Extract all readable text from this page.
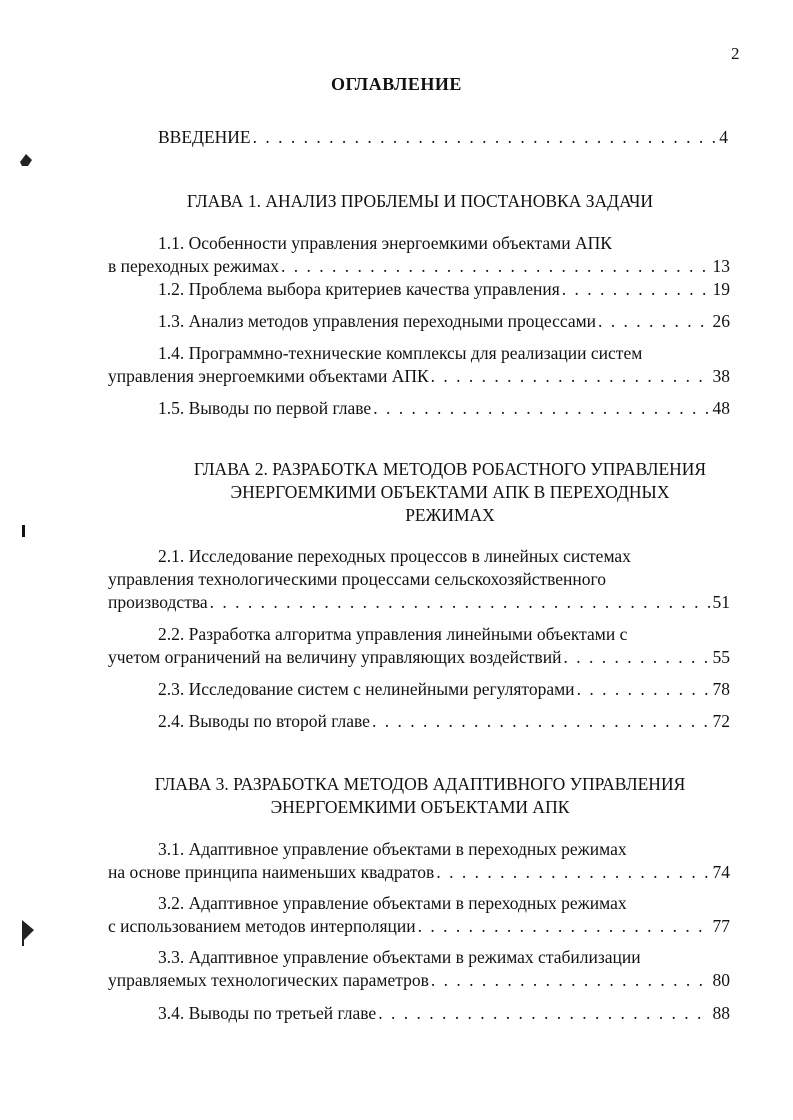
2
ОГЛАВЛЕНИЕ
ВВЕДЕНИЕ . . .	4
ГЛАВА 1. АНАЛИЗ ПРОБЛЕМЫ И ПОСТАНОВКА ЗАДАЧИ
1.1. Особенности управления энергоемкими объектами АПК
в переходных режимах . . .	13
1.2. Проблема выбора критериев качества управления . . .	19
1.3. Анализ методов управления переходными процессами . . .	26
1.4. Программно-технические комплексы для реализации систем
управления энергоемкими объектами АПК . . .	38
1.5. Выводы по первой главе . . .	48
ГЛАВА 2. РАЗРАБОТКА МЕТОДОВ РОБАСТНОГО УПРАВЛЕНИЯ
ЭНЕРГОЕМКИМИ ОБЪЕКТАМИ АПК В ПЕРЕХОДНЫХ
РЕЖИМАХ
2.1. Исследование переходных процессов в линейных системах
управления технологическими процессами сельскохозяйственного
производства . . .	51
2.2. Разработка алгоритма управления линейными объектами с
учетом ограничений на величину управляющих воздействий . . .	55
2.3. Исследование систем с нелинейными регуляторами . . .	78
2.4. Выводы по второй главе . . .	72
ГЛАВА 3. РАЗРАБОТКА МЕТОДОВ АДАПТИВНОГО УПРАВЛЕНИЯ
ЭНЕРГОЕМКИМИ ОБЪЕКТАМИ АПК
3.1. Адаптивное управление объектами в переходных режимах
на основе принципа наименьших квадратов . . .	74
3.2. Адаптивное управление объектами в переходных режимах
с использованием методов интерполяции . . .	77
3.3. Адаптивное управление объектами в режимах стабилизации
управляемых технологических параметров . . .	80
3.4. Выводы по третьей главе . . .	88
